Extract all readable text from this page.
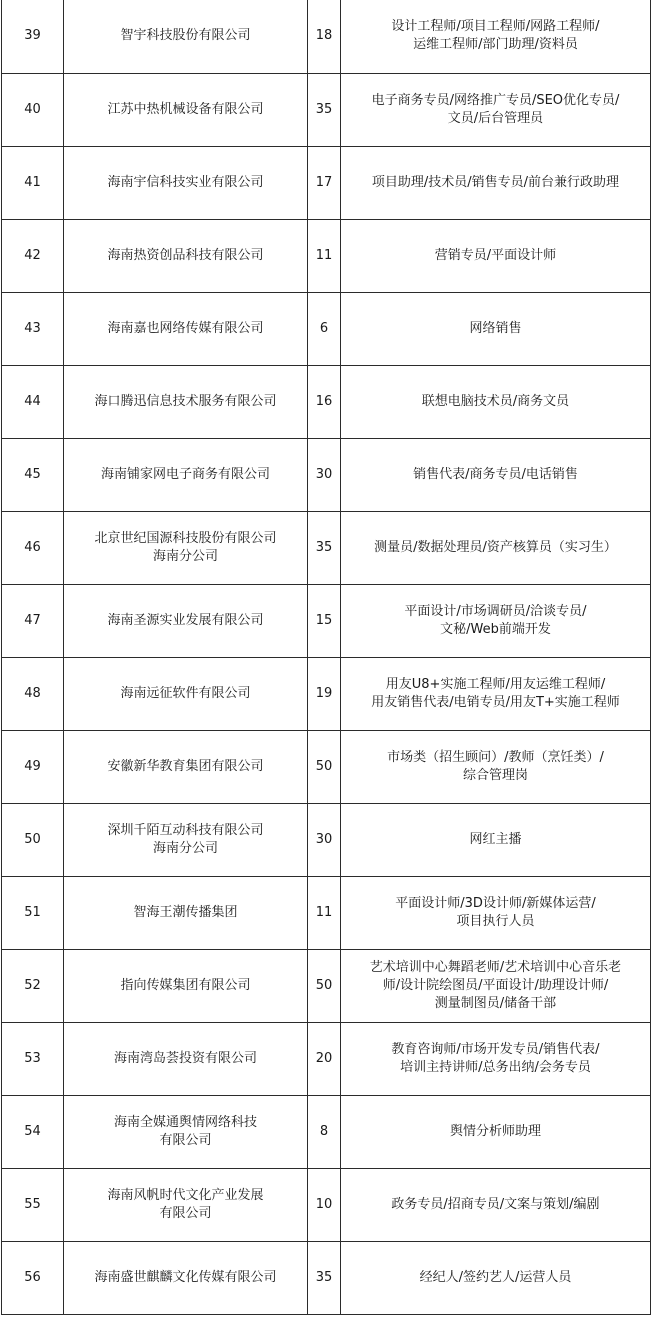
39	智宇科技股份有限公司	18	设计工程师/项目工程师/网路工程师/
运维工程师/部门助理/资料员

40	江苏中热机械设备有限公司	35	电子商务专员/网络推广专员/SEO优化专员/
文员/后台管理员

41	海南宇信科技实业有限公司	17	项目助理/技术员/销售专员/前台兼行政助理

42	海南热资创品科技有限公司	11	营销专员/平面设计师

43	海南嘉也网络传媒有限公司	6	网络销售

44	海口腾迅信息技术服务有限公司	16	联想电脑技术员/商务文员

45	海南铺家网电子商务有限公司	30	销售代表/商务专员/电话销售

46	北京世纪国源科技股份有限公司
海南分公司	35	测量员/数据处理员/资产核算员（实习生）

47	海南圣源实业发展有限公司	15	平面设计/市场调研员/洽谈专员/
文秘/Web前端开发

48	海南远征软件有限公司	19	用友U8+实施工程师/用友运维工程师/
用友销售代表/电销专员/用友T+实施工程师

49	安徽新华教育集团有限公司	50	市场类（招生顾问）/教师（烹饪类）/
综合管理岗

50	深圳千陌互动科技有限公司
海南分公司	30	网红主播

51	智海王潮传播集团	11	平面设计师/3D设计师/新媒体运营/
项目执行人员

52	指向传媒集团有限公司	50	艺术培训中心舞蹈老师/艺术培训中心音乐老
师/设计院绘图员/平面设计/助理设计师/
测量制图员/储备干部

53	海南湾岛荟投资有限公司	20	教育咨询师/市场开发专员/销售代表/
培训主持讲师/总务出纳/会务专员

54	海南全媒通舆情网络科技
有限公司	8	舆情分析师助理

55	海南风帆时代文化产业发展
有限公司	10	政务专员/招商专员/文案与策划/编剧

56	海南盛世麒麟文化传媒有限公司	35	经纪人/签约艺人/运营人员
